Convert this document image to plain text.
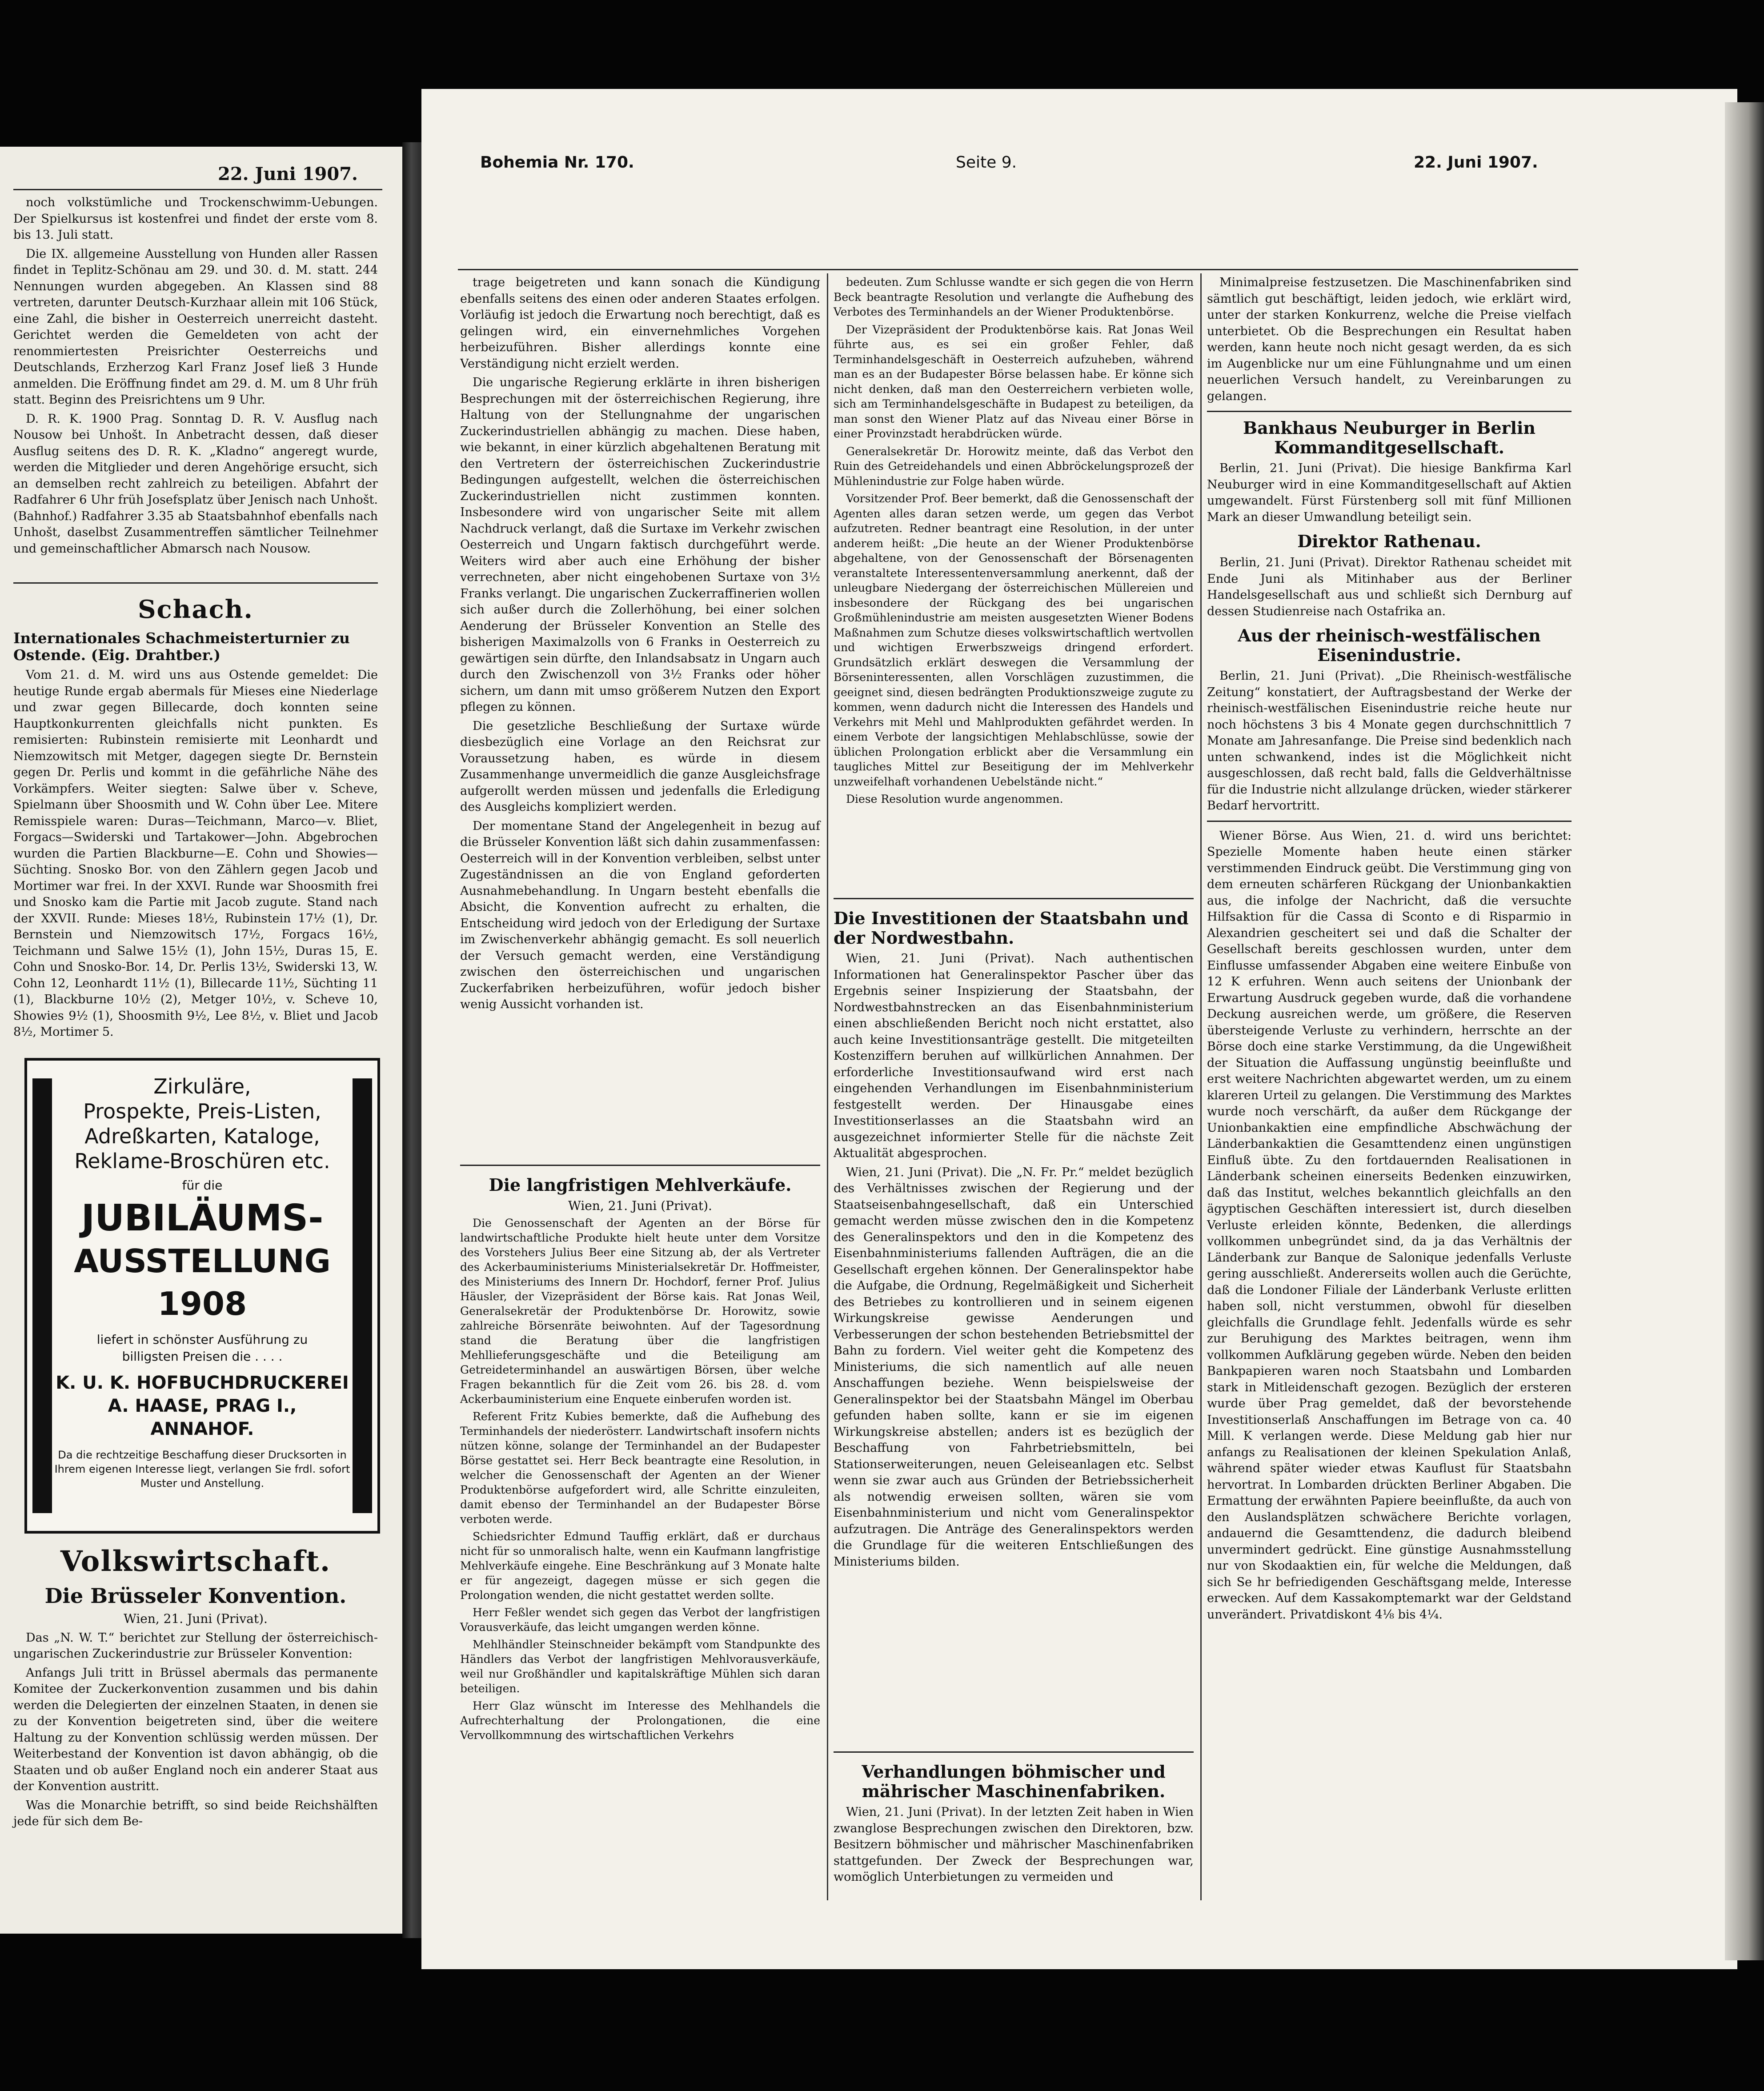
22. Juni 1907.

noch volkstümliche und Trockenschwimm-Uebungen. Der Spielkursus ist kostenfrei und findet der erste vom 8. bis 13. Juli statt.

Die IX. allgemeine Ausstellung von Hunden aller Rassen findet in Teplitz-Schönau am 29. und 30. d. M. statt. 244 Nennungen wurden abgegeben. An Klassen sind 88 vertreten, darunter Deutsch-Kurzhaar allein mit 106 Stück, eine Zahl, die bisher in Oesterreich unerreicht dasteht. Gerichtet werden die Gemeldeten von acht der renommiertesten Preisrichter Oesterreichs und Deutschlands, Erzherzog Karl Franz Josef ließ 3 Hunde anmelden. Die Eröffnung findet am 29. d. M. um 8 Uhr früh statt. Beginn des Preisrichtens um 9 Uhr.

D. R. K. 1900 Prag. Sonntag D. R. V. Ausflug nach Nousow bei Unhošt. In Anbetracht dessen, daß dieser Ausflug seitens des D. R. K. „Kladno“ angeregt wurde, werden die Mitglieder und deren Angehörige ersucht, sich an demselben recht zahlreich zu beteiligen. Abfahrt der Radfahrer 6 Uhr früh Josefsplatz über Jenisch nach Unhošt. (Bahnhof.) Radfahrer 3.35 ab Staatsbahnhof ebenfalls nach Unhošt, daselbst Zusammentreffen sämtlicher Teilnehmer und gemeinschaftlicher Abmarsch nach Nousow.

Schach.
Internationales Schachmeisterturnier zu Ostende. (Eig. Drahtber.)

Vom 21. d. M. wird uns aus Ostende gemeldet: Die heutige Runde ergab abermals für Mieses eine Niederlage und zwar gegen Billecarde, doch konnten seine Hauptkonkurrenten gleichfalls nicht punkten. Es remisierten: Rubinstein remisierte mit Leonhardt und Niemzowitsch mit Metger, dagegen siegte Dr. Bernstein gegen Dr. Perlis und kommt in die gefährliche Nähe des Vorkämpfers. Weiter siegten: Salwe über v. Scheve, Spielmann über Shoosmith und W. Cohn über Lee. Mitere Remisspiele waren: Duras—Teichmann, Marco—v. Bliet, Forgacs—Swiderski und Tartakower—John. Abgebrochen wurden die Partien Blackburne—E. Cohn und Showies—Süchting. Snosko Bor. von den Zählern gegen Jacob und Mortimer war frei. In der XXVI. Runde war Shoosmith frei und Snosko kam die Partie mit Jacob zugute. Stand nach der XXVII. Runde: Mieses 18½, Rubinstein 17½ (1), Dr. Bernstein und Niemzowitsch 17½, Forgacs 16½, Teichmann und Salwe 15½ (1), John 15½, Duras 15, E. Cohn und Snosko-Bor. 14, Dr. Perlis 13½, Swiderski 13, W. Cohn 12, Leonhardt 11½ (1), Billecarde 11½, Süchting 11 (1), Blackburne 10½ (2), Metger 10½, v. Scheve 10, Showies 9½ (1), Shoosmith 9½, Lee 8½, v. Bliet und Jacob 8½, Mortimer 5.

Zirkuläre,
Prospekte, Preis-Listen,
Adreßkarten, Kataloge,
Reklame-Broschüren etc.
für die
JUBILÄUMS-
AUSSTELLUNG 1908
liefert in schönster Ausführung zu
billigsten Preisen die . . . .
K. U. K. HOFBUCHDRUCKEREI
A. HAASE, PRAG I., ANNAHOF.
Da die rechtzeitige Beschaffung dieser Drucksorten in Ihrem eigenen Interesse liegt, verlangen Sie frdl. sofort Muster und Anstellung.
Volkswirtschaft.
Die Brüsseler Konvention.
Wien, 21. Juni (Privat).

Das „N. W. T.“ berichtet zur Stellung der österreichisch-ungarischen Zuckerindustrie zur Brüsseler Konvention:

Anfangs Juli tritt in Brüssel abermals das permanente Komitee der Zuckerkonvention zusammen und bis dahin werden die Delegierten der einzelnen Staaten, in denen sie zu der Konvention beigetreten sind, über die weitere Haltung zu der Konvention schlüssig werden müssen. Der Weiterbestand der Konvention ist davon abhängig, ob die Staaten und ob außer England noch ein anderer Staat aus der Konvention austritt.

Was die Monarchie betrifft, so sind beide Reichshälften jede für sich dem Be-

Bohemia Nr. 170.	Seite 9.	22. Juni 1907.

trage beigetreten und kann sonach die Kündigung ebenfalls seitens des einen oder anderen Staates erfolgen. Vorläufig ist jedoch die Erwartung noch berechtigt, daß es gelingen wird, ein einvernehmliches Vorgehen herbeizuführen. Bisher allerdings konnte eine Verständigung nicht erzielt werden.

Die ungarische Regierung erklärte in ihren bisherigen Besprechungen mit der österreichischen Regierung, ihre Haltung von der Stellungnahme der ungarischen Zuckerindustriellen abhängig zu machen. Diese haben, wie bekannt, in einer kürzlich abgehaltenen Beratung mit den Vertretern der österreichischen Zuckerindustrie Bedingungen aufgestellt, welchen die österreichischen Zuckerindustriellen nicht zustimmen konnten. Insbesondere wird von ungarischer Seite mit allem Nachdruck verlangt, daß die Surtaxe im Verkehr zwischen Oesterreich und Ungarn faktisch durchgeführt werde. Weiters wird aber auch eine Erhöhung der bisher verrechneten, aber nicht eingehobenen Surtaxe von 3½ Franks verlangt. Die ungarischen Zuckerraffinerien wollen sich außer durch die Zollerhöhung, bei einer solchen Aenderung der Brüsseler Konvention an Stelle des bisherigen Maximalzolls von 6 Franks in Oesterreich zu gewärtigen sein dürfte, den Inlandsabsatz in Ungarn auch durch den Zwischenzoll von 3½ Franks oder höher sichern, um dann mit umso größerem Nutzen den Export pflegen zu können.

Die gesetzliche Beschließung der Surtaxe würde diesbezüglich eine Vorlage an den Reichsrat zur Voraussetzung haben, es würde in diesem Zusammenhange unvermeidlich die ganze Ausgleichsfrage aufgerollt werden müssen und jedenfalls die Erledigung des Ausgleichs kompliziert werden.

Der momentane Stand der Angelegenheit in bezug auf die Brüsseler Konvention läßt sich dahin zusammenfassen: Oesterreich will in der Konvention verbleiben, selbst unter Zugeständnissen an die von England geforderten Ausnahmebehandlung. In Ungarn besteht ebenfalls die Absicht, die Konvention aufrecht zu erhalten, die Entscheidung wird jedoch von der Erledigung der Surtaxe im Zwischenverkehr abhängig gemacht. Es soll neuerlich der Versuch gemacht werden, eine Verständigung zwischen den österreichischen und ungarischen Zuckerfabriken herbeizuführen, wofür jedoch bisher wenig Aussicht vorhanden ist.

Die langfristigen Mehlverkäufe.
Wien, 21. Juni (Privat).

Die Genossenschaft der Agenten an der Börse für landwirtschaftliche Produkte hielt heute unter dem Vorsitze des Vorstehers Julius Beer eine Sitzung ab, der als Vertreter des Ackerbauministeriums Ministerialsekretär Dr. Hoffmeister, des Ministeriums des Innern Dr. Hochdorf, ferner Prof. Julius Häusler, der Vizepräsident der Börse kais. Rat Jonas Weil, Generalsekretär der Produktenbörse Dr. Horowitz, sowie zahlreiche Börsenräte beiwohnten. Auf der Tagesordnung stand die Beratung über die langfristigen Mehllieferungsgeschäfte und die Beteiligung am Getreideterminhandel an auswärtigen Börsen, über welche Fragen bekanntlich für die Zeit vom 26. bis 28. d. vom Ackerbauministerium eine Enquete einberufen worden ist.

Referent Fritz Kubies bemerkte, daß die Aufhebung des Terminhandels der niederösterr. Landwirtschaft insofern nichts nützen könne, solange der Terminhandel an der Budapester Börse gestattet sei. Herr Beck beantragte eine Resolution, in welcher die Genossenschaft der Agenten an der Wiener Produktenbörse aufgefordert wird, alle Schritte einzuleiten, damit ebenso der Terminhandel an der Budapester Börse verboten werde.

Schiedsrichter Edmund Tauffig erklärt, daß er durchaus nicht für so unmoralisch halte, wenn ein Kaufmann langfristige Mehlverkäufe eingehe. Eine Beschränkung auf 3 Monate halte er für angezeigt, dagegen müsse er sich gegen die Prolongation wenden, die nicht gestattet werden sollte.

Herr Feßler wendet sich gegen das Verbot der langfristigen Vorausverkäufe, das leicht umgangen werden könne.

Mehlhändler Steinschneider bekämpft vom Standpunkte des Händlers das Verbot der langfristigen Mehlvorausverkäufe, weil nur Großhändler und kapitalskräftige Mühlen sich daran beteiligen.

Herr Glaz wünscht im Interesse des Mehlhandels die Aufrechterhaltung der Prolongationen, die eine Vervollkommnung des wirtschaftlichen Verkehrs

bedeuten. Zum Schlusse wandte er sich gegen die von Herrn Beck beantragte Resolution und verlangte die Aufhebung des Verbotes des Terminhandels an der Wiener Produktenbörse.

Der Vizepräsident der Produktenbörse kais. Rat Jonas Weil führte aus, es sei ein großer Fehler, daß Terminhandelsgeschäft in Oesterreich aufzuheben, während man es an der Budapester Börse belassen habe. Er könne sich nicht denken, daß man den Oesterreichern verbieten wolle, sich am Terminhandelsgeschäfte in Budapest zu beteiligen, da man sonst den Wiener Platz auf das Niveau einer Börse in einer Provinzstadt herabdrücken würde.

Generalsekretär Dr. Horowitz meinte, daß das Verbot den Ruin des Getreidehandels und einen Abbröckelungsprozeß der Mühlenindustrie zur Folge haben würde.

Vorsitzender Prof. Beer bemerkt, daß die Genossenschaft der Agenten alles daran setzen werde, um gegen das Verbot aufzutreten. Redner beantragt eine Resolution, in der unter anderem heißt: „Die heute an der Wiener Produktenbörse abgehaltene, von der Genossenschaft der Börsenagenten veranstaltete Interessentenversammlung anerkennt, daß der unleugbare Niedergang der österreichischen Müllereien und insbesondere der Rückgang des bei ungarischen Großmühlenindustrie am meisten ausgesetzten Wiener Bodens Maßnahmen zum Schutze dieses volkswirtschaftlich wertvollen und wichtigen Erwerbszweigs dringend erfordert. Grundsätzlich erklärt deswegen die Versammlung der Börseninteressenten, allen Vorschlägen zuzustimmen, die geeignet sind, diesen bedrängten Produktionszweige zugute zu kommen, wenn dadurch nicht die Interessen des Handels und Verkehrs mit Mehl und Mahlprodukten gefährdet werden. In einem Verbote der langsichtigen Mehlabschlüsse, sowie der üblichen Prolongation erblickt aber die Versammlung ein taugliches Mittel zur Beseitigung der im Mehlverkehr unzweifelhaft vorhandenen Uebelstände nicht.“

Diese Resolution wurde angenommen.

Die Investitionen der Staatsbahn und der Nordwestbahn.

Wien, 21. Juni (Privat). Nach authentischen Informationen hat Generalinspektor Pascher über das Ergebnis seiner Inspizierung der Staatsbahn, der Nordwestbahnstrecken an das Eisenbahnministerium einen abschließenden Bericht noch nicht erstattet, also auch keine Investitionsanträge gestellt. Die mitgeteilten Kostenziffern beruhen auf willkürlichen Annahmen. Der erforderliche Investitionsaufwand wird erst nach eingehenden Verhandlungen im Eisenbahnministerium festgestellt werden. Der Hinausgabe eines Investitionserlasses an die Staatsbahn wird an ausgezeichnet informierter Stelle für die nächste Zeit Aktualität abgesprochen.

Wien, 21. Juni (Privat). Die „N. Fr. Pr.“ meldet bezüglich des Verhältnisses zwischen der Regierung und der Staatseisenbahngesellschaft, daß ein Unterschied gemacht werden müsse zwischen den in die Kompetenz des Generalinspektors und den in die Kompetenz des Eisenbahnministeriums fallenden Aufträgen, die an die Gesellschaft ergehen können. Der Generalinspektor habe die Aufgabe, die Ordnung, Regelmäßigkeit und Sicherheit des Betriebes zu kontrollieren und in seinem eigenen Wirkungskreise gewisse Aenderungen und Verbesserungen der schon bestehenden Betriebsmittel der Bahn zu fordern. Viel weiter geht die Kompetenz des Ministeriums, die sich namentlich auf alle neuen Anschaffungen beziehe. Wenn beispielsweise der Generalinspektor bei der Staatsbahn Mängel im Oberbau gefunden haben sollte, kann er sie im eigenen Wirkungskreise abstellen; anders ist es bezüglich der Beschaffung von Fahrbetriebsmitteln, bei Stationserweiterungen, neuen Geleiseanlagen etc. Selbst wenn sie zwar auch aus Gründen der Betriebssicherheit als notwendig erweisen sollten, wären sie vom Eisenbahnministerium und nicht vom Generalinspektor aufzutragen. Die Anträge des Generalinspektors werden die Grundlage für die weiteren Entschließungen des Ministeriums bilden.

Verhandlungen böhmischer und mährischer Maschinenfabriken.

Wien, 21. Juni (Privat). In der letzten Zeit haben in Wien zwanglose Besprechungen zwischen den Direktoren, bzw. Besitzern böhmischer und mährischer Maschinenfabriken stattgefunden. Der Zweck der Besprechungen war, womöglich Unterbietungen zu vermeiden und

Minimalpreise festzusetzen. Die Maschinenfabriken sind sämtlich gut beschäftigt, leiden jedoch, wie erklärt wird, unter der starken Konkurrenz, welche die Preise vielfach unterbietet. Ob die Besprechungen ein Resultat haben werden, kann heute noch nicht gesagt werden, da es sich im Augenblicke nur um eine Fühlungnahme und um einen neuerlichen Versuch handelt, zu Vereinbarungen zu gelangen.

Bankhaus Neuburger in Berlin Kommanditgesellschaft.

Berlin, 21. Juni (Privat). Die hiesige Bankfirma Karl Neuburger wird in eine Kommanditgesellschaft auf Aktien umgewandelt. Fürst Fürstenberg soll mit fünf Millionen Mark an dieser Umwandlung beteiligt sein.

Direktor Rathenau.

Berlin, 21. Juni (Privat). Direktor Rathenau scheidet mit Ende Juni als Mitinhaber aus der Berliner Handelsgesellschaft aus und schließt sich Dernburg auf dessen Studienreise nach Ostafrika an.

Aus der rheinisch-westfälischen Eisenindustrie.

Berlin, 21. Juni (Privat). „Die Rheinisch-westfälische Zeitung“ konstatiert, der Auftragsbestand der Werke der rheinisch-westfälischen Eisenindustrie reiche heute nur noch höchstens 3 bis 4 Monate gegen durchschnittlich 7 Monate am Jahresanfange. Die Preise sind bedenklich nach unten schwankend, indes ist die Möglichkeit nicht ausgeschlossen, daß recht bald, falls die Geldverhältnisse für die Industrie nicht allzulange drücken, wieder stärkerer Bedarf hervortritt.

Wiener Börse. Aus Wien, 21. d. wird uns berichtet: Spezielle Momente haben heute einen stärker verstimmenden Eindruck geübt. Die Verstimmung ging von dem erneuten schärferen Rückgang der Unionbankaktien aus, die infolge der Nachricht, daß die versuchte Hilfsaktion für die Cassa di Sconto e di Risparmio in Alexandrien gescheitert sei und daß die Schalter der Gesellschaft bereits geschlossen wurden, unter dem Einflusse umfassender Abgaben eine weitere Einbuße von 12 K erfuhren. Wenn auch seitens der Unionbank der Erwartung Ausdruck gegeben wurde, daß die vorhandene Deckung ausreichen werde, um größere, die Reserven übersteigende Verluste zu verhindern, herrschte an der Börse doch eine starke Verstimmung, da die Ungewißheit der Situation die Auffassung ungünstig beeinflußte und erst weitere Nachrichten abgewartet werden, um zu einem klareren Urteil zu gelangen. Die Verstimmung des Marktes wurde noch verschärft, da außer dem Rückgange der Unionbankaktien eine empfindliche Abschwächung der Länderbankaktien die Gesamttendenz einen ungünstigen Einfluß übte. Zu den fortdauernden Realisationen in Länderbank scheinen einerseits Bedenken einzuwirken, daß das Institut, welches bekanntlich gleichfalls an den ägyptischen Geschäften interessiert ist, durch dieselben Verluste erleiden könnte, Bedenken, die allerdings vollkommen unbegründet sind, da ja das Verhältnis der Länderbank zur Banque de Salonique jedenfalls Verluste gering ausschließt. Andererseits wollen auch die Gerüchte, daß die Londoner Filiale der Länderbank Verluste erlitten haben soll, nicht verstummen, obwohl für dieselben gleichfalls die Grundlage fehlt. Jedenfalls würde es sehr zur Beruhigung des Marktes beitragen, wenn ihm vollkommen Aufklärung gegeben würde. Neben den beiden Bankpapieren waren noch Staatsbahn und Lombarden stark in Mitleidenschaft gezogen. Bezüglich der ersteren wurde über Prag gemeldet, daß der bevorstehende Investitionserlaß Anschaffungen im Betrage von ca. 40 Mill. K verlangen werde. Diese Meldung gab hier nur anfangs zu Realisationen der kleinen Spekulation Anlaß, während später wieder etwas Kauflust für Staatsbahn hervortrat. In Lombarden drückten Berliner Abgaben. Die Ermattung der erwähnten Papiere beeinflußte, da auch von den Auslandsplätzen schwächere Berichte vorlagen, andauernd die Gesamttendenz, die dadurch bleibend unvermindert gedrückt. Eine günstige Ausnahmsstellung nur von Skodaaktien ein, für welche die Meldungen, daß sich Se hr befriedigenden Geschäftsgang melde, Interesse erwecken. Auf dem Kassakomptemarkt war der Geldstand unverändert. Privatdiskont 4⅛ bis 4¼.
